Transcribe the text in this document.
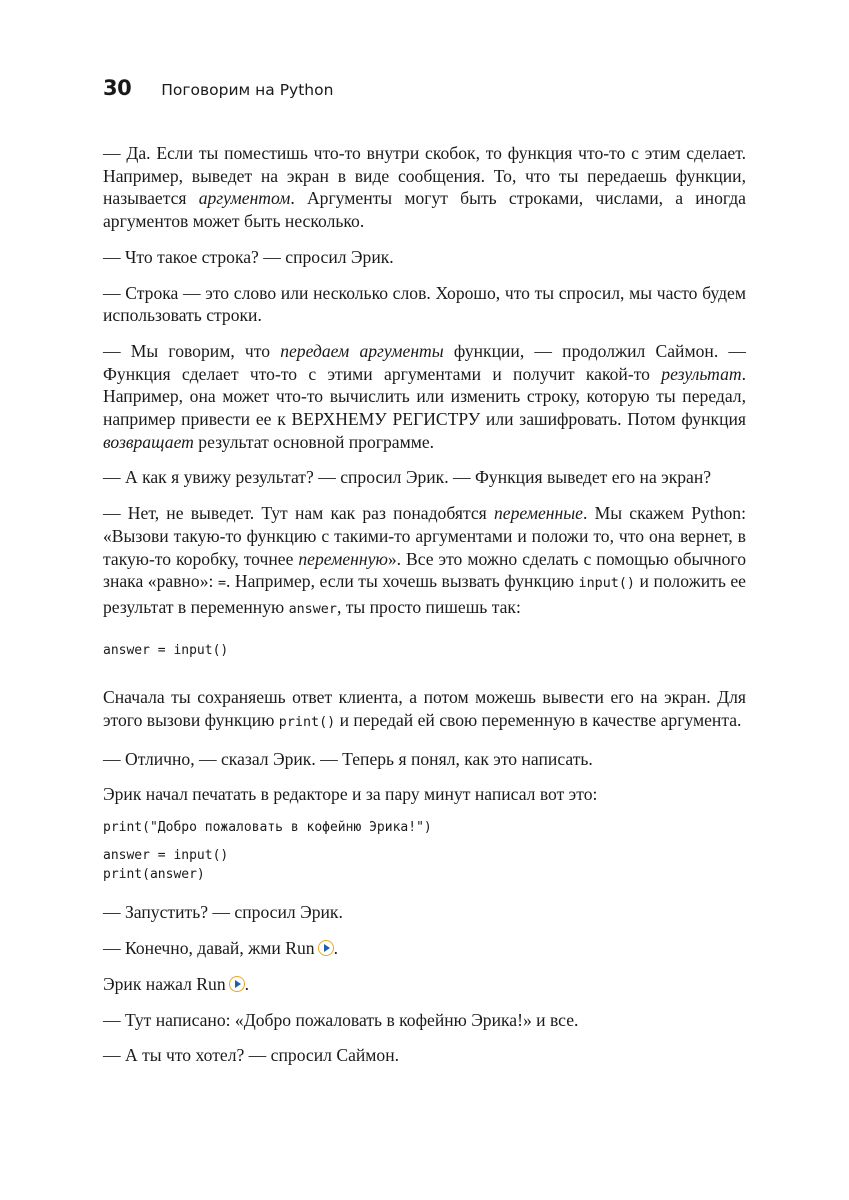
30 Поговорим на Python

— Да. Если ты поместишь что-то внутри скобок, то функция что-то с этим сделает. Например, выведет на экран в виде сообщения. То, что ты передаешь функции, называется аргументом. Аргументы могут быть строками, числами, а иногда аргументов может быть несколько.

— Что такое строка? — спросил Эрик.

— Строка — это слово или несколько слов. Хорошо, что ты спросил, мы часто будем использовать строки.

— Мы говорим, что передаем аргументы функции, — продолжил Саймон. — Функция сделает что-то с этими аргументами и получит какой-то результат. Например, она может что-то вычислить или изменить строку, которую ты передал, например привести ее к ВЕРХНЕМУ РЕГИСТРУ или зашифровать. Потом функция возвращает результат основной программе.

— А как я увижу результат? — спросил Эрик. — Функция выведет его на экран?

— Нет, не выведет. Тут нам как раз понадобятся переменные. Мы скажем Python: «Вызови такую-то функцию с такими-то аргументами и положи то, что она вернет, в такую-то коробку, точнее переменную». Все это можно сделать с помощью обычного знака «равно»: =. Например, если ты хочешь вызвать функцию input() и положить ее результат в переменную answer, ты просто пишешь так:

answer = input()

Сначала ты сохраняешь ответ клиента, а потом можешь вывести его на экран. Для этого вызови функцию print() и передай ей свою переменную в качестве аргумента.

— Отлично, — сказал Эрик. — Теперь я понял, как это написать.

Эрик начал печатать в редакторе и за пару минут написал вот это:

print("Добро пожаловать в кофейню Эрика!")
answer = input()
print(answer)

— Запустить? — спросил Эрик.

— Конечно, давай, жми Run .

Эрик нажал Run .

— Тут написано: «Добро пожаловать в кофейню Эрика!» и все.

— А ты что хотел? — спросил Саймон.
